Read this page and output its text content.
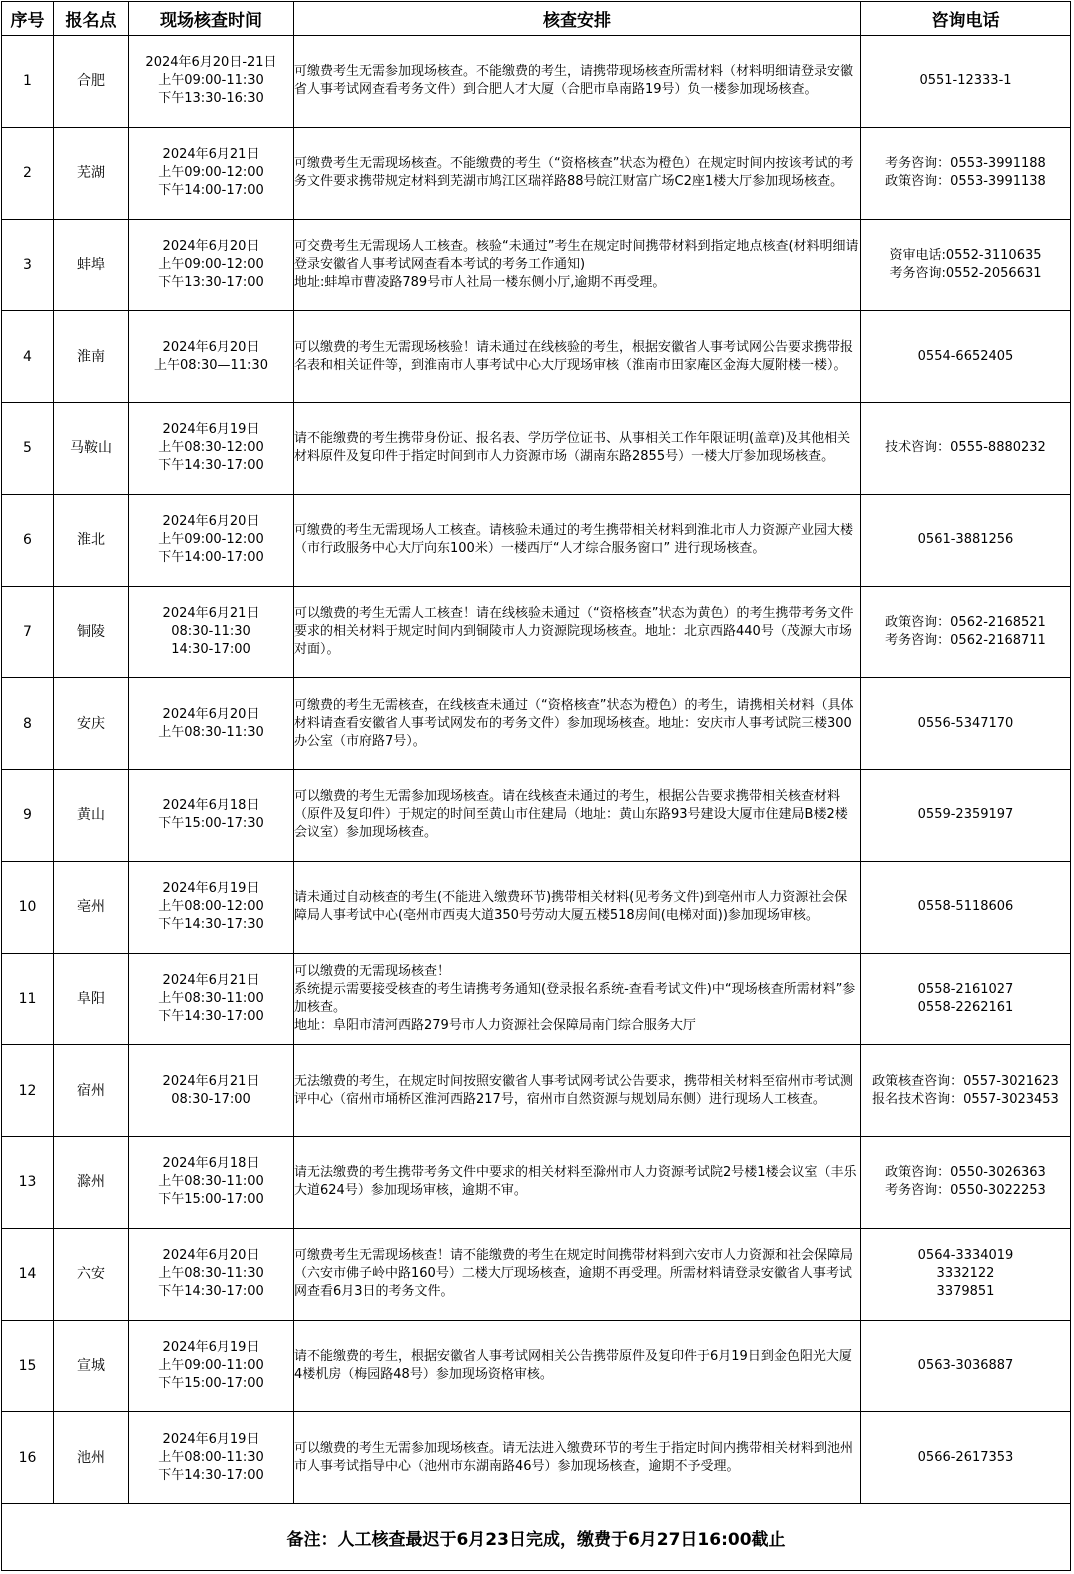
序号	报名点	现场核查时间	核查安排	咨询电话
1	合肥	2024年6月20日-21日
上午09:00-11:30
下午13:30-16:30	可缴费考生无需参加现场核查。不能缴费的考生，请携带现场核查所需材料（材料明细请登录安徽省人事考试网查看考务文件）到合肥人才大厦（合肥市阜南路19号）负一楼参加现场核查。	0551-12333-1
2	芜湖	2024年6月21日
上午09:00-12:00
下午14:00-17:00	可缴费考生无需现场核查。不能缴费的考生（“资格核查”状态为橙色）在规定时间内按该考试的考务文件要求携带规定材料到芜湖市鸠江区瑞祥路88号皖江财富广场C2座1楼大厅参加现场核查。	考务咨询：0553-3991188
政策咨询：0553-3991138
3	蚌埠	2024年6月20日
上午09:00-12:00
下午13:30-17:00	可交费考生无需现场人工核查。核验“未通过”考生在规定时间携带材料到指定地点核查(材料明细请登录安徽省人事考试网查看本考试的考务工作通知)
地址:蚌埠市曹凌路789号市人社局一楼东侧小厅,逾期不再受理。	资审电话:0552-3110635
考务咨询:0552-2056631
4	淮南	2024年6月20日
上午08:30—11:30	可以缴费的考生无需现场核验！请未通过在线核验的考生，根据安徽省人事考试网公告要求携带报名表和相关证件等，到淮南市人事考试中心大厅现场审核（淮南市田家庵区金海大厦附楼一楼）。	0554-6652405
5	马鞍山	2024年6月19日
上午08:30-12:00
下午14:30-17:00	请不能缴费的考生携带身份证、报名表、学历学位证书、从事相关工作年限证明(盖章)及其他相关材料原件及复印件于指定时间到市人力资源市场（湖南东路2855号）一楼大厅参加现场核查。	技术咨询：0555-8880232
6	淮北	2024年6月20日
上午09:00-12:00
下午14:00-17:00	可缴费的考生无需现场人工核查。请核验未通过的考生携带相关材料到淮北市人力资源产业园大楼（市行政服务中心大厅向东100米）一楼西厅“人才综合服务窗口” 进行现场核查。	0561-3881256
7	铜陵	2024年6月21日
08:30-11:30
14:30-17:00	可以缴费的考生无需人工核查！请在线核验未通过（“资格核查”状态为黄色）的考生携带考务文件要求的相关材料于规定时间内到铜陵市人力资源院现场核查。地址：北京西路440号（茂源大市场对面）。	政策咨询：0562-2168521
考务咨询：0562-2168711
8	安庆	2024年6月20日
上午08:30-11:30	可缴费的考生无需核查，在线核查未通过（“资格核查”状态为橙色）的考生，请携相关材料（具体材料请查看安徽省人事考试网发布的考务文件）参加现场核查。地址：安庆市人事考试院三楼300办公室（市府路7号）。	0556-5347170
9	黄山	2024年6月18日
下午15:00-17:30	可以缴费的考生无需参加现场核查。请在线核查未通过的考生，根据公告要求携带相关核查材料（原件及复印件）于规定的时间至黄山市住建局（地址：黄山东路93号建设大厦市住建局B楼2楼会议室）参加现场核查。	0559-2359197
10	亳州	2024年6月19日
上午08:00-12:00
下午14:30-17:30	请未通过自动核查的考生(不能进入缴费环节)携带相关材料(见考务文件)到亳州市人力资源社会保障局人事考试中心(亳州市西夷大道350号劳动大厦五楼518房间(电梯对面))参加现场审核。	0558-5118606
11	阜阳	2024年6月21日
上午08:30-11:00
下午14:30-17:00	可以缴费的无需现场核查！
系统提示需要接受核查的考生请携考务通知(登录报名系统-查看考试文件)中“现场核查所需材料”参加核查。
地址：阜阳市清河西路279号市人力资源社会保障局南门综合服务大厅	0558-2161027
0558-2262161
12	宿州	2024年6月21日
08:30-17:00	无法缴费的考生，在规定时间按照安徽省人事考试网考试公告要求，携带相关材料至宿州市考试测评中心（宿州市埇桥区淮河西路217号，宿州市自然资源与规划局东侧）进行现场人工核查。	政策核查咨询：0557-3021623
报名技术咨询：0557-3023453
13	滁州	2024年6月18日
上午08:30-11:00
下午15:00-17:00	请无法缴费的考生携带考务文件中要求的相关材料至滁州市人力资源考试院2号楼1楼会议室（丰乐大道624号）参加现场审核，逾期不审。	政策咨询：0550-3026363
考务咨询：0550-3022253
14	六安	2024年6月20日
上午08:30-11:30
下午14:30-17:00	可缴费考生无需现场核查！请不能缴费的考生在规定时间携带材料到六安市人力资源和社会保障局（六安市佛子岭中路160号）二楼大厅现场核查，逾期不再受理。所需材料请登录安徽省人事考试网查看6月3日的考务文件。	0564-3334019
3332122
3379851
15	宣城	2024年6月19日
上午09:00-11:00
下午15:00-17:00	请不能缴费的考生，根据安徽省人事考试网相关公告携带原件及复印件于6月19日到金色阳光大厦4楼机房（梅园路48号）参加现场资格审核。	0563-3036887
16	池州	2024年6月19日
上午08:00-11:30
下午14:30-17:00	可以缴费的考生无需参加现场核查。请无法进入缴费环节的考生于指定时间内携带相关材料到池州市人事考试指导中心（池州市东湖南路46号）参加现场核查，逾期不予受理。	0566-2617353
备注：人工核查最迟于6月23日完成，缴费于6月27日16:00截止				
